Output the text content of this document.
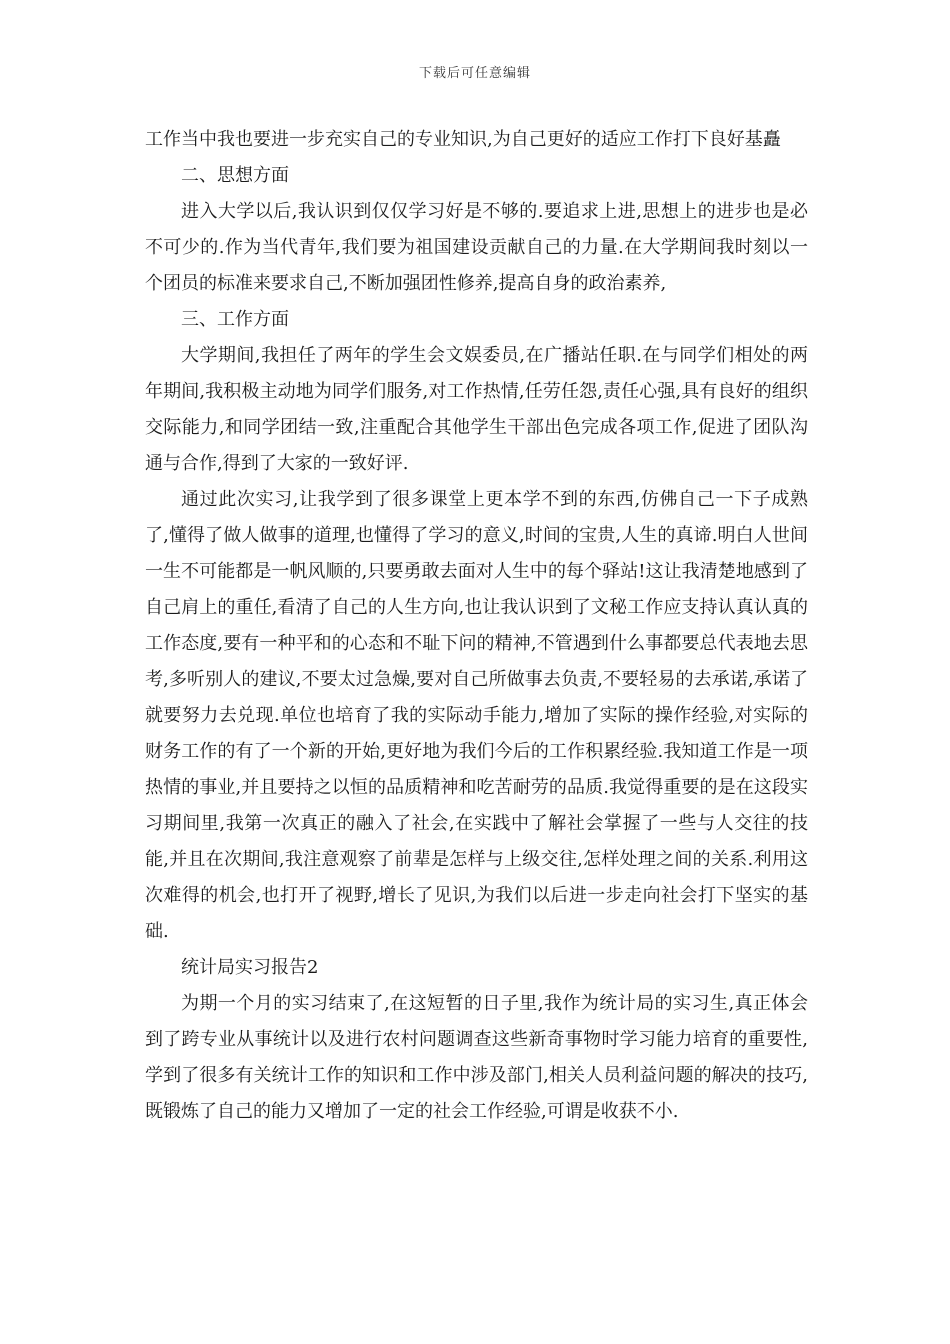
下载后可任意编辑

工作当中我也要进一步充实自己的专业知识,为自己更好的适应工作打下良好基矗

二、思想方面

进入大学以后,我认识到仅仅学习好是不够的.要追求上进,思想上的进步也是必不可少的.作为当代青年,我们要为祖国建设贡献自己的力量.在大学期间我时刻以一个团员的标准来要求自己,不断加强团性修养,提高自身的政治素养,

三、工作方面

大学期间,我担任了两年的学生会文娱委员,在广播站任职.在与同学们相处的两年期间,我积极主动地为同学们服务,对工作热情,任劳任怨,责任心强,具有良好的组织交际能力,和同学团结一致,注重配合其他学生干部出色完成各项工作,促进了团队沟通与合作,得到了大家的一致好评.

通过此次实习,让我学到了很多课堂上更本学不到的东西,仿佛自己一下子成熟了,懂得了做人做事的道理,也懂得了学习的意义,时间的宝贵,人生的真谛.明白人世间一生不可能都是一帆风顺的,只要勇敢去面对人生中的每个驿站!这让我清楚地感到了自己肩上的重任,看清了自己的人生方向,也让我认识到了文秘工作应支持认真认真的工作态度,要有一种平和的心态和不耻下问的精神,不管遇到什么事都要总代表地去思考,多听别人的建议,不要太过急燥,要对自己所做事去负责,不要轻易的去承诺,承诺了就要努力去兑现.单位也培育了我的实际动手能力,增加了实际的操作经验,对实际的财务工作的有了一个新的开始,更好地为我们今后的工作积累经验.我知道工作是一项热情的事业,并且要持之以恒的品质精神和吃苦耐劳的品质.我觉得重要的是在这段实习期间里,我第一次真正的融入了社会,在实践中了解社会掌握了一些与人交往的技能,并且在次期间,我注意观察了前辈是怎样与上级交往,怎样处理之间的关系.利用这次难得的机会,也打开了视野,增长了见识,为我们以后进一步走向社会打下坚实的基础.

统计局实习报告2

为期一个月的实习结束了,在这短暂的日子里,我作为统计局的实习生,真正体会到了跨专业从事统计以及进行农村问题调查这些新奇事物时学习能力培育的重要性,学到了很多有关统计工作的知识和工作中涉及部门,相关人员利益问题的解决的技巧,既锻炼了自己的能力又增加了一定的社会工作经验,可谓是收获不小.
